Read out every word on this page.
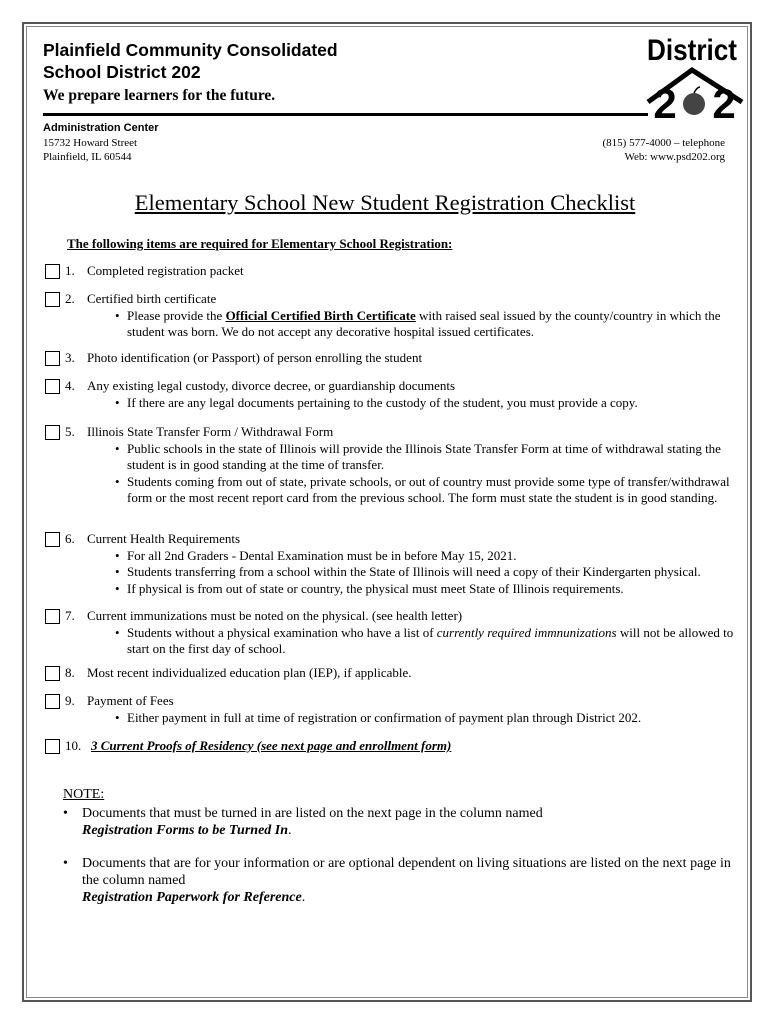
Plainfield Community Consolidated
School District 202
We prepare learners for the future.
District
2 2
Administration Center
15732 Howard Street
Plainfield, IL 60544
(815) 577-4000 – telephone
Web: www.psd202.org
Elementary School New Student Registration Checklist
The following items are required for Elementary School Registration:
1. Completed registration packet
2. Certified birth certificate
• Please provide the Official Certified Birth Certificate with raised seal issued by the county/country in which the student was born. We do not accept any decorative hospital issued certificates.
3. Photo identification (or Passport) of person enrolling the student
4. Any existing legal custody, divorce decree, or guardianship documents
• If there are any legal documents pertaining to the custody of the student, you must provide a copy.
5. Illinois State Transfer Form / Withdrawal Form
• Public schools in the state of Illinois will provide the Illinois State Transfer Form at time of withdrawal stating the student is in good standing at the time of transfer.
• Students coming from out of state, private schools, or out of country must provide some type of transfer/withdrawal form or the most recent report card from the previous school. The form must state the student is in good standing.
6. Current Health Requirements
• For all 2nd Graders - Dental Examination must be in before May 15, 2021.
• Students transferring from a school within the State of Illinois will need a copy of their Kindergarten physical.
• If physical is from out of state or country, the physical must meet State of Illinois requirements.
7. Current immunizations must be noted on the physical. (see health letter)
• Students without a physical examination who have a list of currently required immnunizations will not be allowed to start on the first day of school.
8. Most recent individualized education plan (IEP), if applicable.
9. Payment of Fees
• Either payment in full at time of registration or confirmation of payment plan through District 202.
10. 3 Current Proofs of Residency (see next page and enrollment form)
NOTE:
•	Documents that must be turned in are listed on the next page in the column named
Registration Forms to be Turned In.
•	Documents that are for your information or are optional dependent on living situations are listed on the next page in the column named
Registration Paperwork for Reference.
